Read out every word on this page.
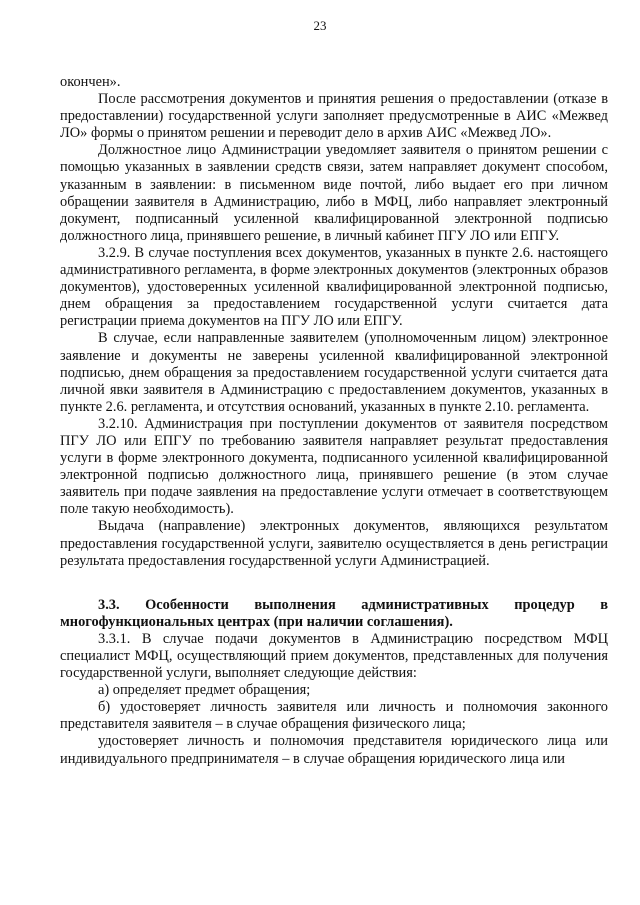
23

окончен».

После рассмотрения документов и принятия решения о предоставлении (отказе в предоставлении) государственной услуги заполняет предусмотренные в АИС «Межвед ЛО» формы о принятом решении и переводит дело в архив АИС «Межвед ЛО».

Должностное лицо Администрации уведомляет заявителя о принятом решении с помощью указанных в заявлении средств связи, затем направляет документ способом, указанным в заявлении: в письменном виде почтой, либо выдает его при личном обращении заявителя в Администрацию, либо в МФЦ, либо направляет электронный документ, подписанный усиленной квалифицированной электронной подписью должностного лица, принявшего решение, в личный кабинет ПГУ ЛО или ЕПГУ.

3.2.9. В случае поступления всех документов, указанных в пункте 2.6. настоящего административного регламента, в форме электронных документов (электронных образов документов), удостоверенных усиленной квалифицированной электронной подписью, днем обращения за предоставлением государственной услуги считается дата регистрации приема документов на ПГУ ЛО или ЕПГУ.

В случае, если направленные заявителем (уполномоченным лицом) электронное заявление и документы не заверены усиленной квалифицированной электронной подписью, днем обращения за предоставлением государственной услуги считается дата личной явки заявителя в Администрацию с предоставлением документов, указанных в пункте 2.6. регламента, и отсутствия оснований, указанных в пункте 2.10. регламента.

3.2.10. Администрация при поступлении документов от заявителя посредством ПГУ ЛО или ЕПГУ по требованию заявителя направляет результат предоставления услуги в форме электронного документа, подписанного усиленной квалифицированной электронной подписью должностного лица, принявшего решение (в этом случае заявитель при подаче заявления на предоставление услуги отмечает в соответствующем поле такую необходимость).

Выдача (направление) электронных документов, являющихся результатом предоставления государственной услуги, заявителю осуществляется в день регистрации результата предоставления государственной услуги Администрацией.

3.3. Особенности выполнения административных процедур в многофункциональных центрах (при наличии соглашения).

3.3.1. В случае подачи документов в Администрацию посредством МФЦ специалист МФЦ, осуществляющий прием документов, представленных для получения государственной услуги, выполняет следующие действия:

а) определяет предмет обращения;

б) удостоверяет личность заявителя или личность и полномочия законного представителя заявителя – в случае обращения физического лица;

удостоверяет личность и полномочия представителя юридического лица или индивидуального предпринимателя – в случае обращения юридического лица или
